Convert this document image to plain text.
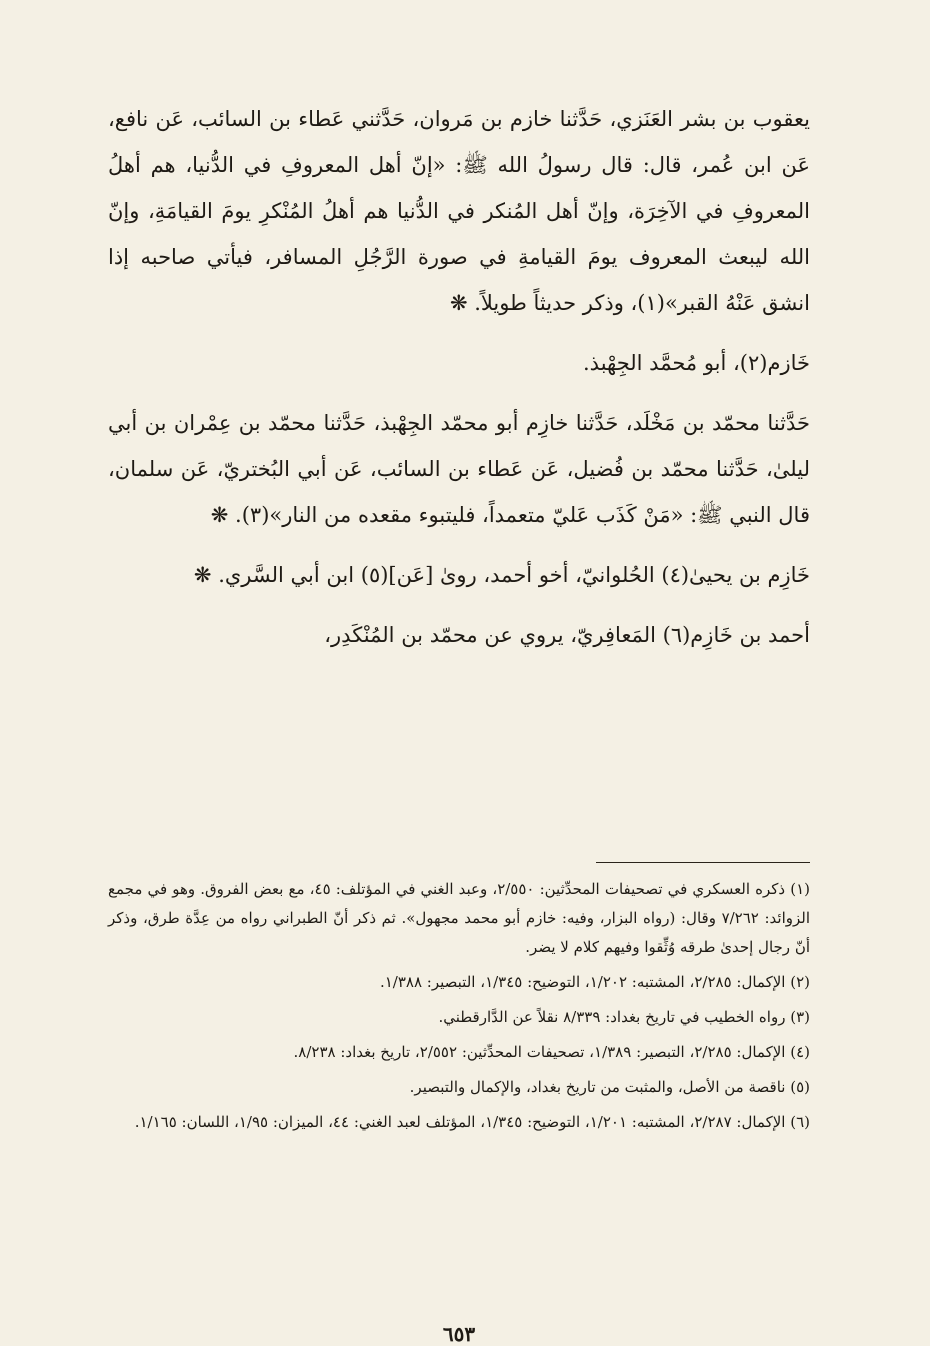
يعقوب بن بشر العَنَزي، حَدَّثنا خازم بن مَروان، حَدَّثني عَطاء بن السائب، عَن نافع، عَن ابن عُمر، قال: قال رسولُ الله ﷺ: «إنّ أهل المعروفِ في الدُّنيا، هم أهلُ المعروفِ في الآخِرَة، وإنّ أهل المُنكر في الدُّنيا هم أهلُ المُنْكرِ يومَ القيامَةِ، وإنّ الله ليبعث المعروف يومَ القيامةِ في صورة الرَّجُلِ المسافر، فيأتي صاحبه إذا انشق عَنْهُ القبر»(١)، وذكر حديثاً طويلاً. ❋

خَازم(٢)، أبو مُحمَّد الجِهْبذ.

حَدَّثنا محمّد بن مَخْلَد، حَدَّثنا خازِم أبو محمّد الجِهْبذ، حَدَّثنا محمّد بن عِمْران بن أبي ليلىٰ، حَدَّثنا محمّد بن فُضيل، عَن عَطاء بن السائب، عَن أبي البُختريّ، عَن سلمان، قال النبي ﷺ: «مَنْ كَذَب عَليّ متعمداً، فليتبوء مقعده من النار»(٣). ❋

خَازِم بن يحيىٰ(٤) الحُلوانيّ، أخو أحمد، روىٰ [عَن](٥) ابن أبي السَّري. ❋

أحمد بن خَازِم(٦) المَعافِريّ، يروي عن محمّد بن المُنْكَدِر،

(١) ذكره العسكري في تصحيفات المحدِّثين: ٢/٥٥٠، وعبد الغني في المؤتلف: ٤٥، مع بعض الفروق. وهو في مجمع الزوائد: ٧/٢٦٢ وقال: (رواه البزار، وفيه: خازم أبو محمد مجهول». ثم ذكر أنّ الطبراني رواه من عِدَّة طرق، وذكر أنّ رجال إحدىٰ طرقه وُثِّقوا وفيهم كلام لا يضر.

(٢) الإكمال: ٢/٢٨٥، المشتبه: ١/٢٠٢، التوضيح: ١/٣٤٥، التبصير: ١/٣٨٨.

(٣) رواه الخطيب في تاريخ بغداد: ٨/٣٣٩ نقلاً عن الدَّارقطني.

(٤) الإكمال: ٢/٢٨٥، التبصير: ١/٣٨٩، تصحيفات المحدِّثين: ٢/٥٥٢، تاريخ بغداد: ٨/٢٣٨.

(٥) ناقصة من الأصل، والمثبت من تاريخ بغداد، والإكمال والتبصير.

(٦) الإكمال: ٢/٢٨٧، المشتبه: ١/٢٠١، التوضيح: ١/٣٤٥، المؤتلف لعبد الغني: ٤٤، الميزان: ١/٩٥، اللسان: ١/١٦٥.

٦٥٣
